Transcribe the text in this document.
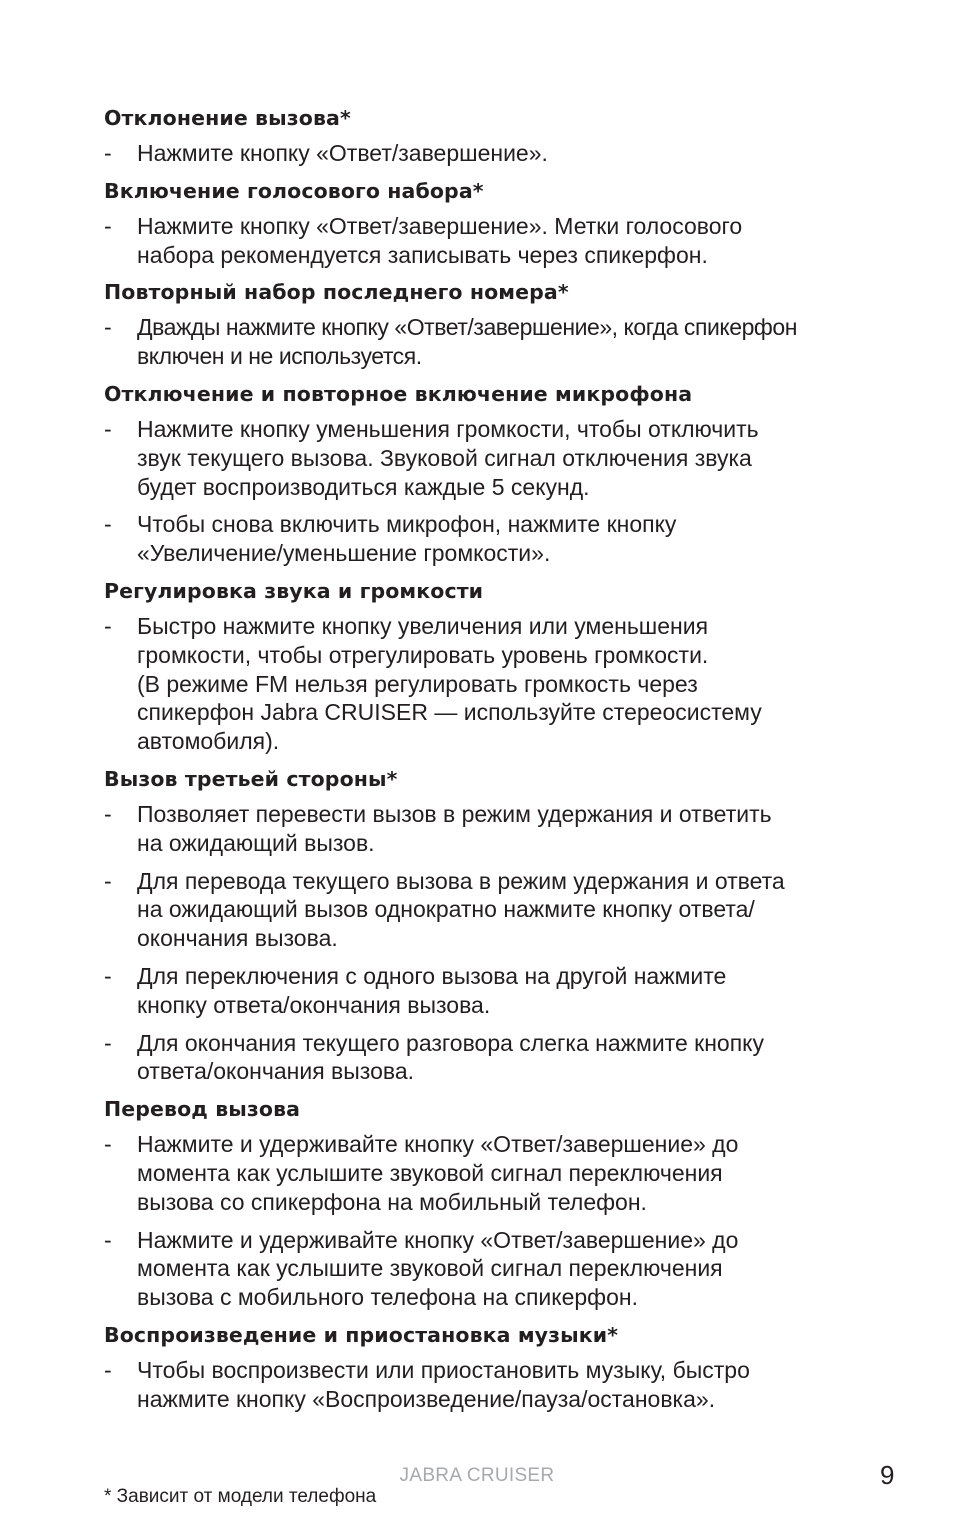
Отклонение вызова*
- Нажмите кнопку «Ответ/завершение».
Включение голосового набора*
- Нажмите кнопку «Ответ/завершение». Метки голосового
набора рекомендуется записывать через спикерфон.
Повторный набор последнего номера*
- Дважды нажмите кнопку «Ответ/завершение», когда спикерфон
включен и не используется.
Отключение и повторное включение микрофона
- Нажмите кнопку уменьшения громкости, чтобы отключить
звук текущего вызова. Звуковой сигнал отключения звука
будет воспроизводиться каждые 5 секунд.
- Чтобы снова включить микрофон, нажмите кнопку
«Увеличение/уменьшение громкости».
Регулировка звука и громкости
- Быстро нажмите кнопку увеличения или уменьшения
громкости, чтобы отрегулировать уровень громкости.
(В режиме FM нельзя регулировать громкость через
спикерфон Jabra CRUISER — используйте стереосистему
автомобиля).
Вызов третьей стороны*
- Позволяет перевести вызов в режим удержания и ответить
на ожидающий вызов.
- Для перевода текущего вызова в режим удержания и ответа
на ожидающий вызов однократно нажмите кнопку ответа/
окончания вызова.
- Для переключения с одного вызова на другой нажмите
кнопку ответа/окончания вызова.
- Для окончания текущего разговора слегка нажмите кнопку
ответа/окончания вызова.
Перевод вызова
- Нажмите и удерживайте кнопку «Ответ/завершение» до
момента как услышите звуковой сигнал переключения
вызова со спикерфона на мобильный телефон.
- Нажмите и удерживайте кнопку «Ответ/завершение» до
момента как услышите звуковой сигнал переключения
вызова с мобильного телефона на спикерфон.
Воспроизведение и приостановка музыки*
- Чтобы воспроизвести или приостановить музыку, быстро
нажмите кнопку «Воспроизведение/пауза/остановка».
JABRA CRUISER	9
* Зависит от модели телефона
